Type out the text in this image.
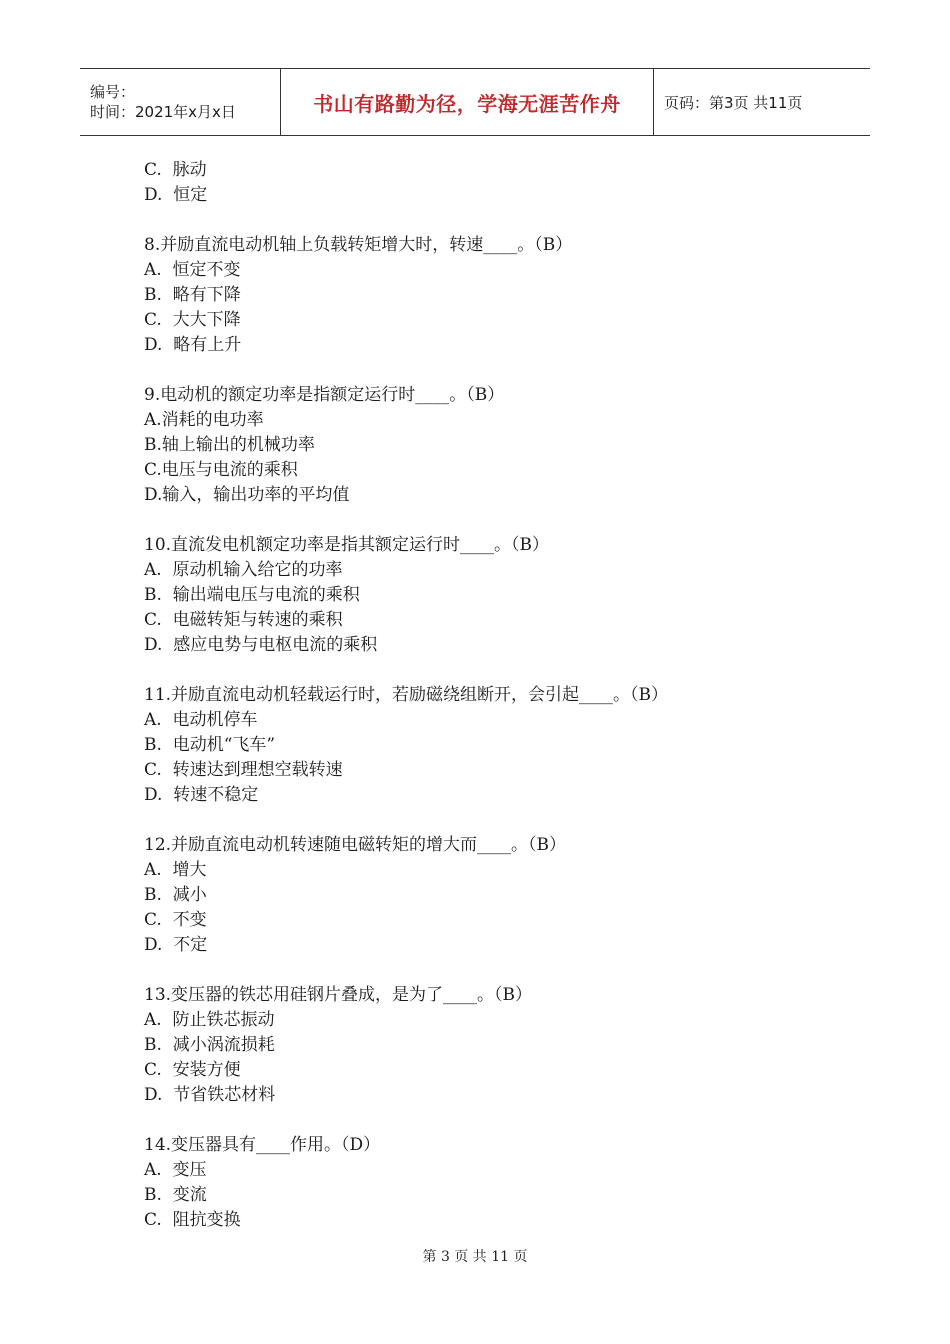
编号：
时间：2021年x月x日	书山有路勤为径，学海无涯苦作舟	页码：第3页 共11页
C.  脉动
D.  恒定
8.并励直流电动机轴上负载转矩增大时，转速____。（B）
A.  恒定不变
B.  略有下降
C.  大大下降
D.  略有上升
9.电动机的额定功率是指额定运行时____。（B）
A.消耗的电功率
B.轴上输出的机械功率
C.电压与电流的乘积
D.输入，输出功率的平均值
10.直流发电机额定功率是指其额定运行时____。（B）
A.  原动机输入给它的功率
B.  输出端电压与电流的乘积
C.  电磁转矩与转速的乘积
D.  感应电势与电枢电流的乘积
11.并励直流电动机轻载运行时，若励磁绕组断开，会引起____。（B）
A.  电动机停车
B.  电动机“飞车”
C.  转速达到理想空载转速
D.  转速不稳定
12.并励直流电动机转速随电磁转矩的增大而____。（B）
A.  增大
B.  减小
C.  不变
D.  不定
13.变压器的铁芯用硅钢片叠成，是为了____。（B）
A.  防止铁芯振动
B.  减小涡流损耗
C.  安装方便
D.  节省铁芯材料
14.变压器具有____作用。（D）
A.  变压
B.  变流
C.  阻抗变换
第 3 页 共 11 页
